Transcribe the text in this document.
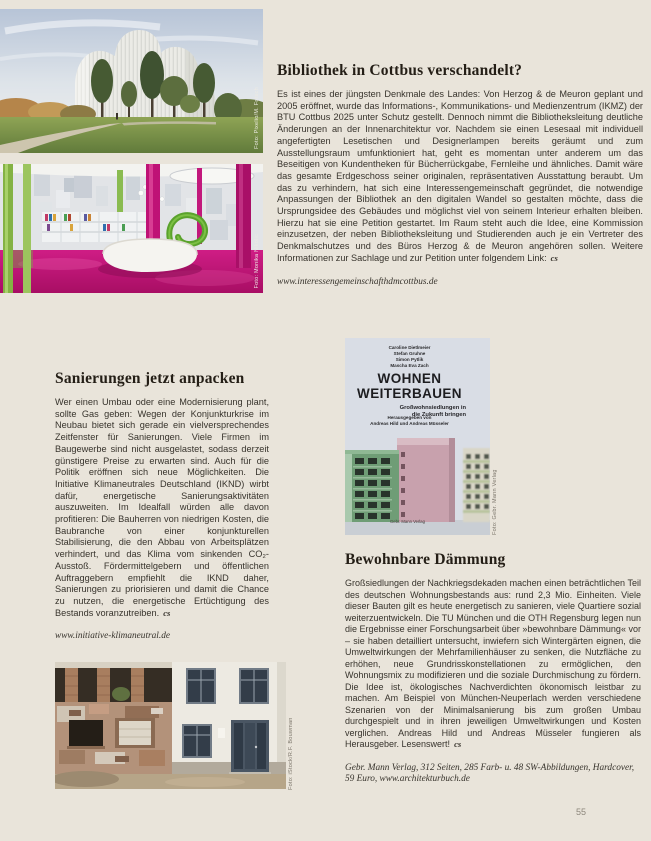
Foto: Pixelio/M. Fritsch
Foto: Monika Nikolic
Bibliothek in Cottbus verschandelt?

Es ist eines der jüngsten Denkmale des Landes: Von Herzog & de Meuron geplant und 2005 eröffnet, wurde das Informations-, Kommunikations- und Medienzentrum (IKMZ) der BTU Cottbus 2025 unter Schutz gestellt. Dennoch nimmt die Bibliotheksleitung deutliche Änderungen an der Innenarchitektur vor. Nachdem sie einen Lesesaal mit individuell angefertigten Lesetischen und Designerlampen bereits geräumt und zum Ausstellungsraum umfunktioniert hat, geht es momentan unter anderem um das Beseitigen von Kundentheken für Bücherrückgabe, Fernleihe und ähnliches. Damit wäre das gesamte Erdgeschoss seiner originalen, repräsentativen Ausstattung beraubt. Um das zu verhindern, hat sich eine Interessengemeinschaft gegründet, die notwendige Anpassungen der Bibliothek an den digitalen Wandel so gestalten möchte, dass die Ursprungsidee des Gebäudes und möglichst viel von seinem Interieur erhalten bleiben. Hierzu hat sie eine Petition gestartet. Im Raum steht auch die Idee, eine Kommission einzusetzen, der neben Bibliotheksleitung und Studierenden auch je ein Vertreter des Denkmalschutzes und des Büros Herzog & de Meuron angehören sollen. Weitere Informationen zur Sachlage und zur Petition unter folgendem Link: cs

www.interessengemeinschafthdmcottbus.de
Sanierungen jetzt anpacken

Wer einen Umbau oder eine Modernisierung plant, sollte Gas geben: Wegen der Konjunkturkrise im Neubau bietet sich gerade ein vielversprechendes Zeitfenster für Sanierungen. Viele Firmen im Baugewerbe sind nicht ausgelastet, sodass derzeit günstigere Preise zu erwarten sind. Auch für die Politik eröffnen sich neue Möglichkeiten. Die Initiative Klimaneutrales Deutschland (IKND) wirbt dafür, energetische Sanierungsaktivitäten auszuweiten. Im Idealfall würden alle davon profitieren: Die Bauherren von niedrigen Kosten, die Baubranche von einer konjunkturellen Stabilisierung, die den Abbau von Arbeitsplätzen verhindert, und das Klima vom sinkenden CO₂-Ausstoß. Fördermittelgebern und öffentlichen Auftraggebern empfiehlt die IKND daher, Sanierungen zu priorisieren und damit die Chance zu nutzen, die energetische Ertüchtigung des Bestands voranzutreiben. cs

www.initiative-klimaneutral.de
Caroline Dietlmeier
Stefan Gruhne
Simon Pytlik
Mascha Eva Zach
WOHNEN
WEITERBAUEN
Großwohnsiedlungen in die Zukunft bringen
Herausgegeben von
Andreas Hild und Andreas Müsseler
Gebr. Mann Verlag	Foto: Gebr. Mann Verlag
Bewohnbare Dämmung

Großsiedlungen der Nachkriegsdekaden machen einen beträchtlichen Teil des deutschen Wohnungsbestands aus: rund 2,3 Mio. Einheiten. Viele dieser Bauten gilt es heute energetisch zu sanieren, viele Quartiere sozial weiterzuentwickeln. Die TU München und die OTH Regensburg legen nun die Ergebnisse einer Forschungsarbeit über »bewohnbare Dämmung« vor – sie haben detailliert untersucht, inwiefern sich Wintergärten eignen, die Umweltwirkungen der Mehrfamilienhäuser zu senken, die Nutzfläche zu erhöhen, neue Grundrisskonstellationen zu ermöglichen, den Wohnungsmix zu modifizieren und die soziale Durchmischung zu fördern. Die Idee ist, ökologisches Nachverdichten ökonomisch leistbar zu machen. Am Beispiel von München-Neuperlach werden verschiedene Szenarien von der Minimalsanierung bis zum großen Umbau durchgespielt und in ihren jeweiligen Umweltwirkungen und Kosten verglichen. Andreas Hild und Andreas Müsseler fungieren als Herausgeber. Lesenswert! cs

Gebr. Mann Verlag, 312 Seiten, 285 Farb- u. 48 SW-Abbildungen, Hardcover, 59 Euro, www.architekturbuch.de

Foto: iStock/R.F. Bouwman
55
